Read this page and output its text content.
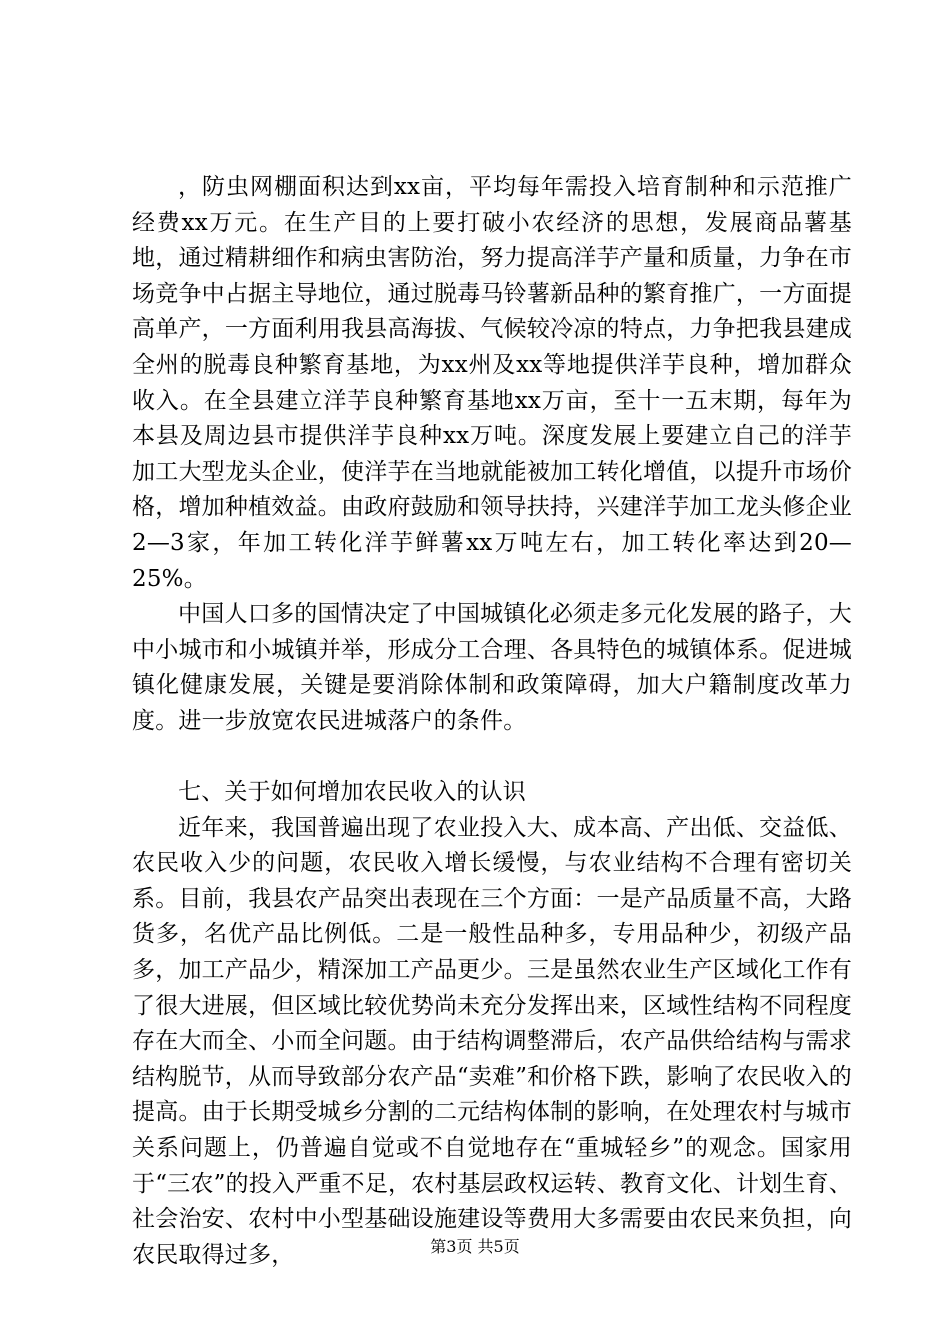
，防虫网棚面积达到xx亩，平均每年需投入培育制种和示范推广经费xx万元。在生产目的上要打破小农经济的思想，发展商品薯基地，通过精耕细作和病虫害防治，努力提高洋芋产量和质量，力争在市场竞争中占据主导地位，通过脱毒马铃薯新品种的繁育推广，一方面提高单产，一方面利用我县高海拔、气候较冷凉的特点，力争把我县建成全州的脱毒良种繁育基地，为xx州及xx等地提供洋芋良种，增加群众收入。在全县建立洋芋良种繁育基地xx万亩，至十一五末期，每年为本县及周边县市提供洋芋良种xx万吨。深度发展上要建立自己的洋芋加工大型龙头企业，使洋芋在当地就能被加工转化增值，以提升市场价格，增加种植效益。由政府鼓励和领导扶持，兴建洋芋加工龙头修企业2—3家，年加工转化洋芋鲜薯xx万吨左右，加工转化率达到20—25%。

中国人口多的国情决定了中国城镇化必须走多元化发展的路子，大中小城市和小城镇并举，形成分工合理、各具特色的城镇体系。促进城镇化健康发展，关键是要消除体制和政策障碍，加大户籍制度改革力度。进一步放宽农民进城落户的条件。

七、关于如何增加农民收入的认识

近年来，我国普遍出现了农业投入大、成本高、产出低、交益低、农民收入少的问题，农民收入增长缓慢，与农业结构不合理有密切关系。目前，我县农产品突出表现在三个方面：一是产品质量不高，大路货多，名优产品比例低。二是一般性品种多，专用品种少，初级产品多，加工产品少，精深加工产品更少。三是虽然农业生产区域化工作有了很大进展，但区域比较优势尚未充分发挥出来，区域性结构不同程度存在大而全、小而全问题。由于结构调整滞后，农产品供给结构与需求结构脱节，从而导致部分农产品“卖难”和价格下跌，影响了农民收入的提高。由于长期受城乡分割的二元结构体制的影响，在处理农村与城市关系问题上，仍普遍自觉或不自觉地存在“重城轻乡”的观念。国家用于“三农”的投入严重不足，农村基层政权运转、教育文化、计划生育、社会治安、农村中小型基础设施建设等费用大多需要由农民来负担，向农民取得过多，	第3页 共5页
